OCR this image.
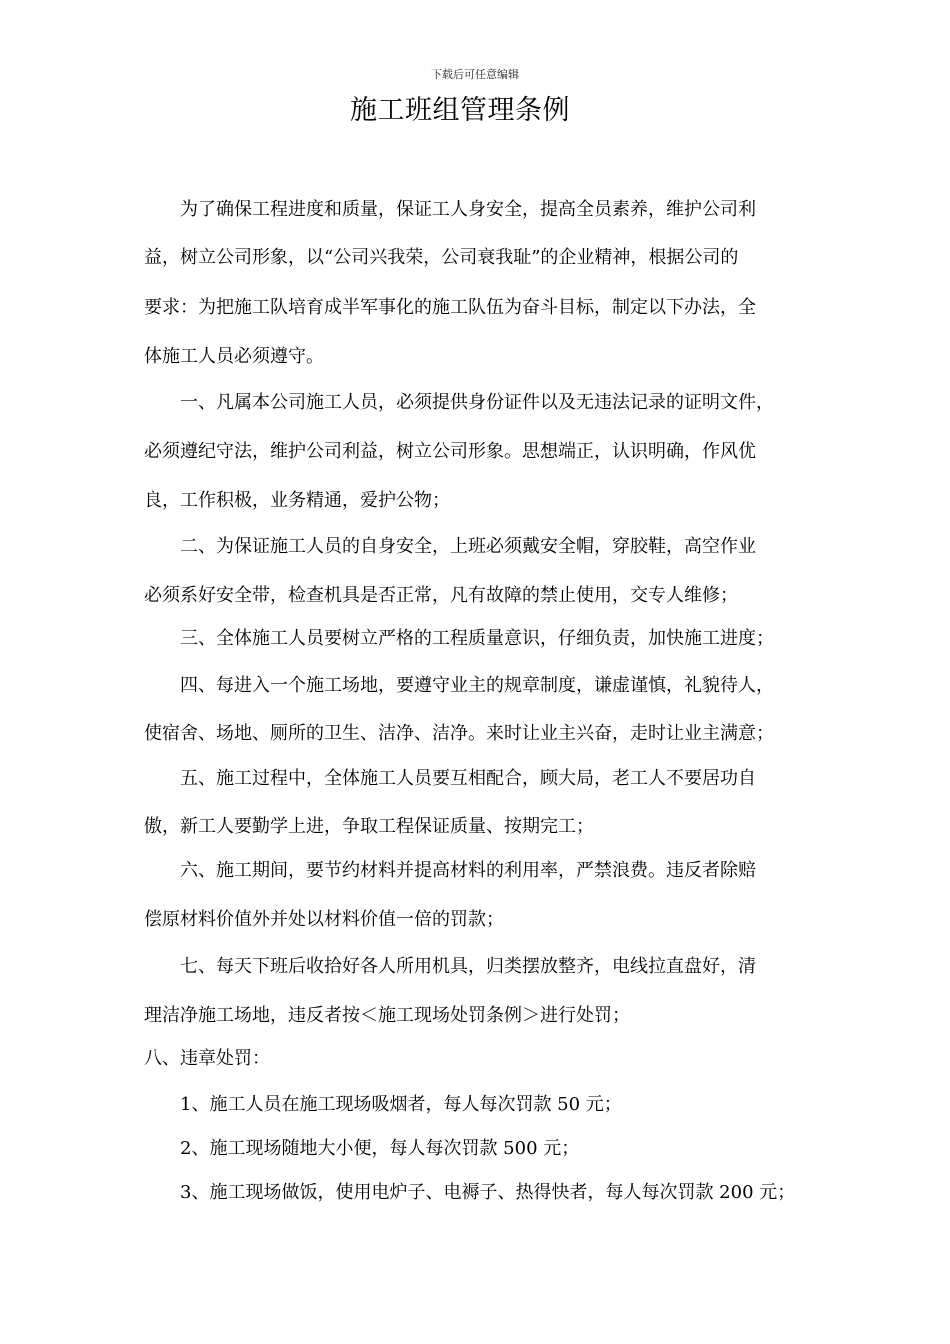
下载后可任意编辑
施工班组管理条例
为了确保工程进度和质量，保证工人身安全，提高全员素养，维护公司利
益，树立公司形象，以“公司兴我荣，公司衰我耻”的企业精神，根据公司的
要求：为把施工队培育成半军事化的施工队伍为奋斗目标，制定以下办法，全
体施工人员必须遵守。
一、凡属本公司施工人员，必须提供身份证件以及无违法记录的证明文件，
必须遵纪守法，维护公司利益，树立公司形象。思想端正，认识明确，作风优
良，工作积极，业务精通，爱护公物；
二、为保证施工人员的自身安全，上班必须戴安全帽，穿胶鞋，高空作业
必须系好安全带，检查机具是否正常，凡有故障的禁止使用，交专人维修；
三、全体施工人员要树立严格的工程质量意识，仔细负责，加快施工进度；
四、每进入一个施工场地，要遵守业主的规章制度，谦虚谨慎，礼貌待人，
使宿舍、场地、厕所的卫生、洁净、洁净。来时让业主兴奋，走时让业主满意；
五、施工过程中，全体施工人员要互相配合，顾大局，老工人不要居功自
傲，新工人要勤学上进，争取工程保证质量、按期完工；
六、施工期间，要节约材料并提高材料的利用率，严禁浪费。违反者除赔
偿原材料价值外并处以材料价值一倍的罚款；
七、每天下班后收拾好各人所用机具，归类摆放整齐，电线拉直盘好，清
理洁净施工场地，违反者按＜施工现场处罚条例＞进行处罚；
八、违章处罚：
1、施工人员在施工现场吸烟者，每人每次罚款 50 元；
2、施工现场随地大小便，每人每次罚款 500 元；
3、施工现场做饭，使用电炉子、电褥子、热得快者，每人每次罚款 200 元；
